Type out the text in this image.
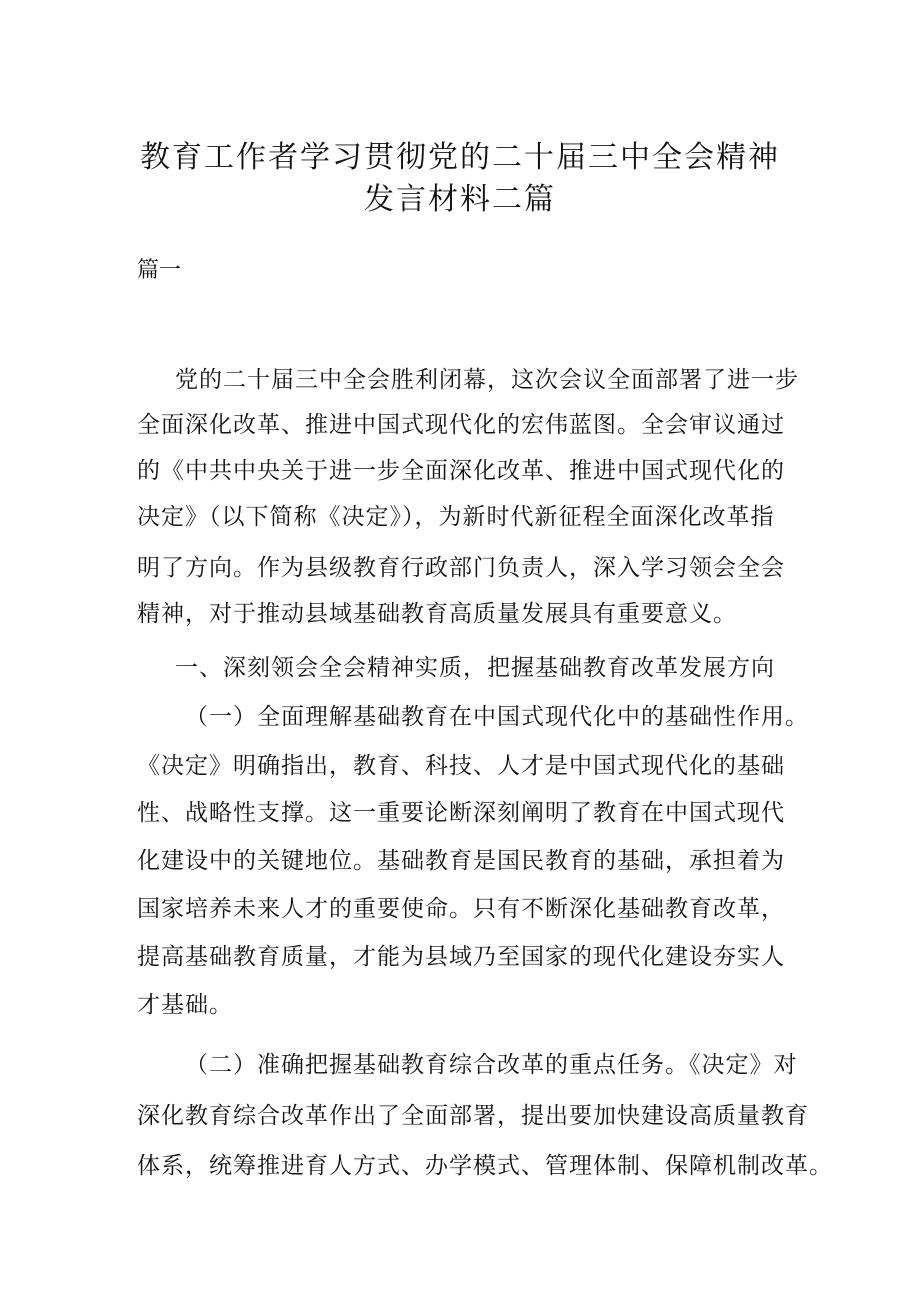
教育工作者学习贯彻党的二十届三中全会精神

发言材料二篇

篇一

党的二十届三中全会胜利闭幕，这次会议全面部署了进一步

全面深化改革、推进中国式现代化的宏伟蓝图。全会审议通过

的《中共中央关于进一步全面深化改革、推进中国式现代化的

决定》（以下简称《决定》），为新时代新征程全面深化改革指

明了方向。作为县级教育行政部门负责人，深入学习领会全会

精神，对于推动县域基础教育高质量发展具有重要意义。

一、深刻领会全会精神实质，把握基础教育改革发展方向

（一）全面理解基础教育在中国式现代化中的基础性作用。

《决定》明确指出，教育、科技、人才是中国式现代化的基础

性、战略性支撑。这一重要论断深刻阐明了教育在中国式现代

化建设中的关键地位。基础教育是国民教育的基础，承担着为

国家培养未来人才的重要使命。只有不断深化基础教育改革，

提高基础教育质量，才能为县域乃至国家的现代化建设夯实人

才基础。

（二）准确把握基础教育综合改革的重点任务。《决定》对

深化教育综合改革作出了全面部署，提出要加快建设高质量教育

体系，统筹推进育人方式、办学模式、管理体制、保障机制改革。
